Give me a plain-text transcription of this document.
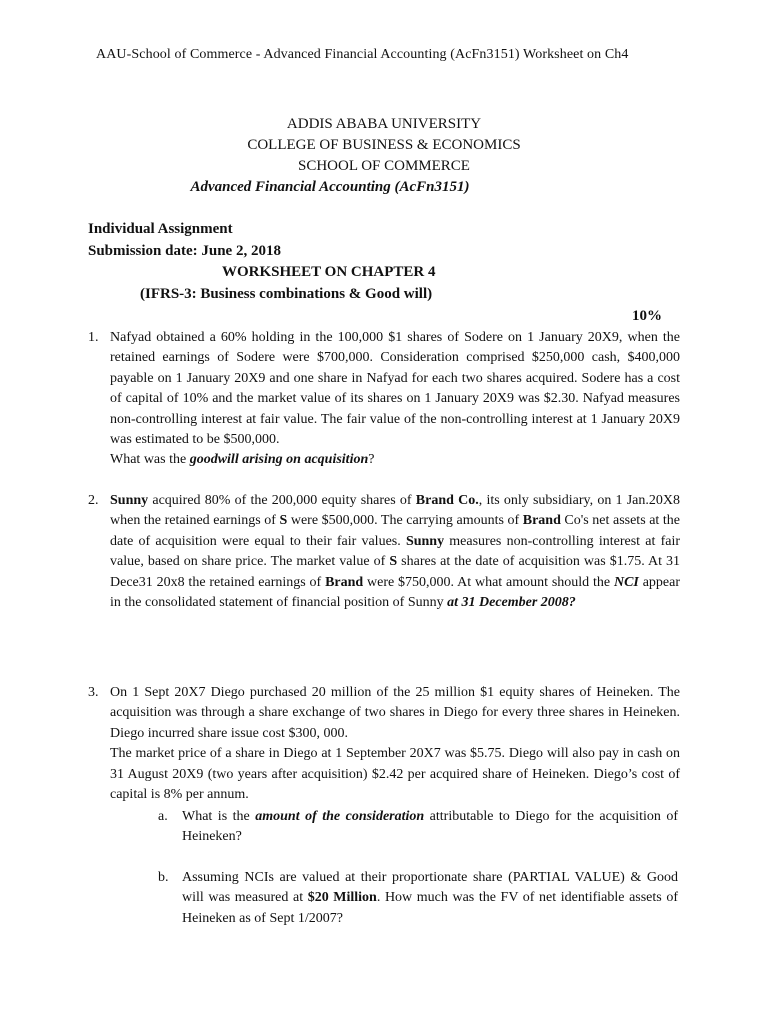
AAU-School of Commerce - Advanced Financial Accounting (AcFn3151) Worksheet on Ch4
ADDIS ABABA UNIVERSITY
COLLEGE OF BUSINESS & ECONOMICS
SCHOOL OF COMMERCE
Advanced Financial Accounting (AcFn3151)
Individual Assignment
Submission date: June 2, 2018
WORKSHEET ON CHAPTER 4
(IFRS-3: Business combinations & Good will)
10%
1. Nafyad obtained a 60% holding in the 100,000 $1 shares of Sodere on 1 January 20X9, when the retained earnings of Sodere were $700,000. Consideration comprised $250,000 cash, $400,000 payable on 1 January 20X9 and one share in Nafyad for each two shares acquired. Sodere has a cost of capital of 10% and the market value of its shares on 1 January 20X9 was $2.30. Nafyad measures non-controlling interest at fair value. The fair value of the non-controlling interest at 1 January 20X9 was estimated to be $500,000.
What was the goodwill arising on acquisition?
2. Sunny acquired 80% of the 200,000 equity shares of Brand Co., its only subsidiary, on 1 Jan.20X8 when the retained earnings of S were $500,000. The carrying amounts of Brand Co's net assets at the date of acquisition were equal to their fair values. Sunny measures non-controlling interest at fair value, based on share price. The market value of S shares at the date of acquisition was $1.75. At 31 Dece31 20x8 the retained earnings of Brand were $750,000. At what amount should the NCI appear in the consolidated statement of financial position of Sunny at 31 December 2008?
3. On 1 Sept 20X7 Diego purchased 20 million of the 25 million $1 equity shares of Heineken. The acquisition was through a share exchange of two shares in Diego for every three shares in Heineken. Diego incurred share issue cost $300, 000.
The market price of a share in Diego at 1 September 20X7 was $5.75. Diego will also pay in cash on 31 August 20X9 (two years after acquisition) $2.42 per acquired share of Heineken. Diego’s cost of capital is 8% per annum.
a. What is the amount of the consideration attributable to Diego for the acquisition of Heineken?
b. Assuming NCIs are valued at their proportionate share (PARTIAL VALUE) & Good will was measured at $20 Million. How much was the FV of net identifiable assets of Heineken as of Sept 1/2007?
